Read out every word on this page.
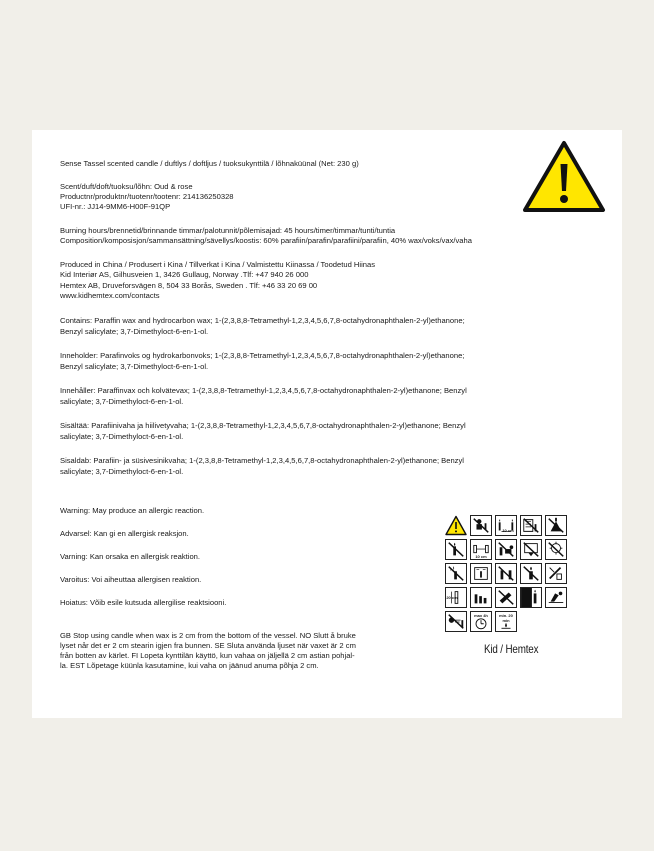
Sense Tassel scented candle / duftlys / doftljus / tuoksukynttilä / lõhnaküünal (Net: 230 g)
Scent/duft/doft/tuoksu/lõhn: Oud & rose
Productnr/produktnr/tuotenr/tootenr: 214136250328
UFI-nr.: JJ14-9MM6-H00F-91QP
Burning hours/brennetid/brinnande timmar/palotunnit/põlemisajad: 45 hours/timer/timmar/tunti/tuntia
Composition/komposisjon/sammansättning/sävellys/koostis: 60% parafiin/parafin/parafiini/parafiin, 40% wax/voks/vax/vaha
Produced in China / Produsert i Kina / Tillverkat i Kina / Valmistettu Kiinassa / Toodetud Hiinas
Kid Interiør AS, Gilhusveien 1, 3426 Gullaug, Norway .Tlf: +47 940 26 000
Hemtex AB, Druveforsvägen 8, 504 33 Borås, Sweden . Tlf: +46 33 20 69 00
www.kidhemtex.com/contacts
Contains: Paraffin wax and hydrocarbon wax; 1-(2,3,8,8-Tetramethyl-1,2,3,4,5,6,7,8-octahydronaphthalen-2-yl)ethanone;
Benzyl salicylate; 3,7-Dimethyloct-6-en-1-ol.
Inneholder: Parafinvoks og hydrokarbonvoks; 1-(2,3,8,8-Tetramethyl-1,2,3,4,5,6,7,8-octahydronaphthalen-2-yl)ethanone;
Benzyl salicylate; 3,7-Dimethyloct-6-en-1-ol.
Innehåller: Paraffinvax och kolvätevax; 1-(2,3,8,8-Tetramethyl-1,2,3,4,5,6,7,8-octahydronaphthalen-2-yl)ethanone; Benzyl
salicylate; 3,7-Dimethyloct-6-en-1-ol.
Sisältää: Parafiinivaha ja hiilivetyvaha; 1-(2,3,8,8-Tetramethyl-1,2,3,4,5,6,7,8-octahydronaphthalen-2-yl)ethanone; Benzyl
salicylate; 3,7-Dimethyloct-6-en-1-ol.
Sisaldab: Parafiin- ja süsivesinikvaha; 1-(2,3,8,8-Tetramethyl-1,2,3,4,5,6,7,8-octahydronaphthalen-2-yl)ethanone; Benzyl
salicylate; 3,7-Dimethyloct-6-en-1-ol.
Warning: May produce an allergic reaction.
Advarsel: Kan gi en allergisk reaksjon.
Varning: Kan orsaka en allergisk reaktion.
Varoitus: Voi aiheuttaa allergisen reaktion.
Hoiatus: Võib esile kutsuda allergilise reaktsiooni.
GB Stop using candle when wax is 2 cm from the bottom of the vessel. NO Slutt å bruke
lyset når det er 2 cm stearin igjen fra bunnen. SE Sluta använda ljuset när vaxet är 2 cm
från botten av kärlet. FI Lopeta kynttilän käyttö, kun vahaa on jäljellä 2 cm astian pohjal-
la. EST Lõpetage küünla kasutamine, kui vaha on jäänud anuma põhja 2 cm.
10 cm
10 cm
20 cm
max 4h	min. 20 min
Kid / Hemtex
